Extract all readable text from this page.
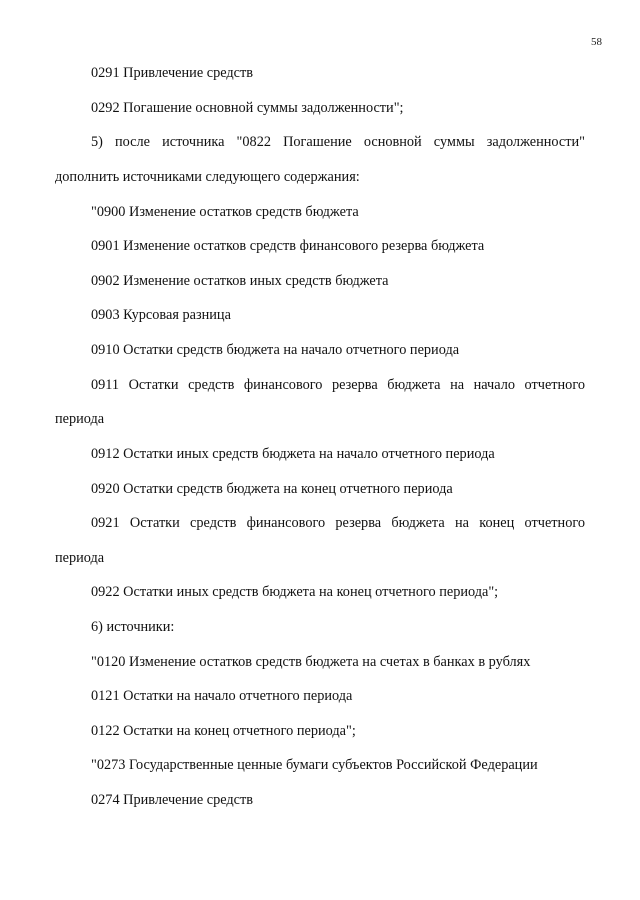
58
0291 Привлечение средств
0292 Погашение основной суммы задолженности";
5) после источника "0822 Погашение основной суммы задолженности"
дополнить источниками следующего содержания:
"0900 Изменение остатков средств бюджета
0901 Изменение остатков средств финансового резерва бюджета
0902 Изменение остатков иных средств бюджета
0903 Курсовая разница
0910 Остатки средств бюджета на начало отчетного периода
0911 Остатки средств финансового резерва бюджета на начало отчетного
периода
0912 Остатки иных средств бюджета на начало отчетного периода
0920 Остатки средств бюджета на конец отчетного периода
0921 Остатки средств финансового резерва бюджета на конец отчетного
периода
0922 Остатки иных средств бюджета на конец отчетного периода";
6) источники:
"0120 Изменение остатков средств бюджета на счетах в банках в рублях
0121 Остатки на начало отчетного периода
0122 Остатки на конец отчетного периода";
"0273 Государственные ценные бумаги субъектов Российской Федерации
0274 Привлечение средств
